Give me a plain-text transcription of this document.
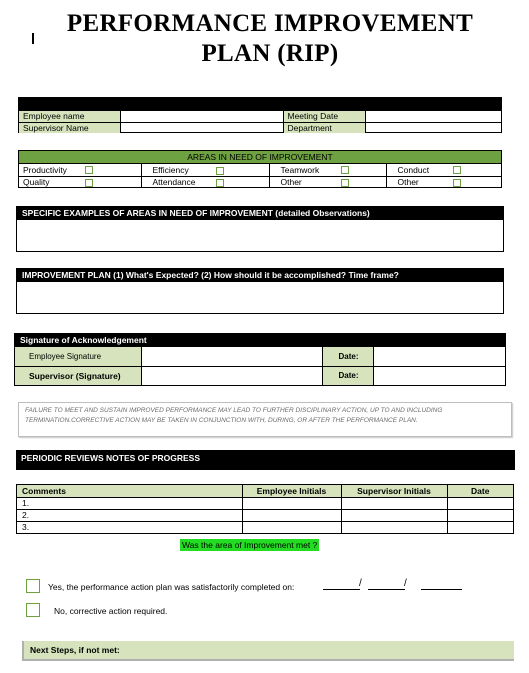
PERFORMANCE IMPROVEMENT
PLAN (RIP)
Employee name		Meeting Date	
Supervisor Name		Department	
AREAS IN NEED OF IMPROVEMENT
Productivity	Efficiency	Teamwork	Conduct

Quality	Attendance	Other	Other
SPECIFIC EXAMPLES OF AREAS IN NEED OF IMPROVEMENT (detailed Observations)
IMPROVEMENT PLAN (1) What's Expected? (2) How should it be accomplished? Time frame?
Signature of Acknowledgement
Employee Signature		Date:	
Supervisor (Signature)		Date:	
FAILURE TO MEET AND SUSTAIN IMPROVED PERFORMANCE MAY LEAD TO FURTHER DISCIPLINARY ACTION, UP TO AND INCLUDING
TERMINATION.CORRECTIVE ACTION MAY BE TAKEN IN CONJUNCTION WITH, DURING, OR AFTER THE PERFORMANCE PLAN.
PERIODIC REVIEWS NOTES OF PROGRESS
Comments	Employee Initials	Supervisor Initials	Date
1.			
2.			
3.			
Was the area of Improvement met ?
Yes, the performance action plan was satisfactorily completed on:	/	/
No, corrective action required.
Next Steps, if not met:
